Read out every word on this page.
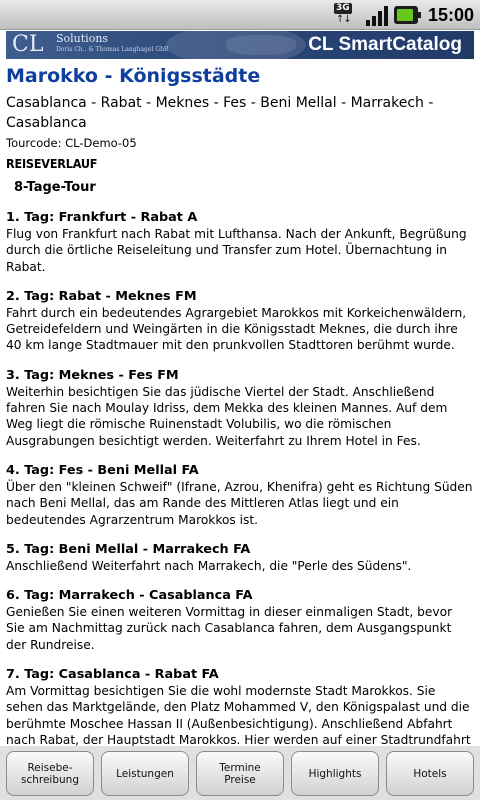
3G
↑↓	15:00
CL Solutions
Doris Ch.. & Thomas Langhagel GbR	CL SmartCatalog
Marokko - Königsstädte
Casablanca - Rabat - Meknes - Fes - Beni Mellal - Marrakech - Casablanca
Tourcode: CL-Demo-05
REISEVERLAUF
8-Tage-Tour
1. Tag: Frankfurt - Rabat A
Flug von Frankfurt nach Rabat mit Lufthansa. Nach der Ankunft, Begrüßung durch die örtliche Reiseleitung und Transfer zum Hotel. Übernachtung in Rabat.
2. Tag: Rabat - Meknes FM
Fahrt durch ein bedeutendes Agrargebiet Marokkos mit Korkeichenwäldern, Getreidefeldern und Weingärten in die Königsstadt Meknes, die durch ihre 40 km lange Stadtmauer mit den prunkvollen Stadttoren berühmt wurde.
3. Tag: Meknes - Fes FM
Weiterhin besichtigen Sie das jüdische Viertel der Stadt. Anschließend fahren Sie nach Moulay Idriss, dem Mekka des kleinen Mannes. Auf dem Weg liegt die römische Ruinenstadt Volubilis, wo die römischen Ausgrabungen besichtigt werden. Weiterfahrt zu Ihrem Hotel in Fes.
4. Tag: Fes - Beni Mellal FA
Über den "kleinen Schweif" (Ifrane, Azrou, Khenifra) geht es Richtung Süden nach Beni Mellal, das am Rande des Mittleren Atlas liegt und ein bedeutendes Agrarzentrum Marokkos ist.
5. Tag: Beni Mellal - Marrakech FA
Anschließend Weiterfahrt nach Marrakech, die "Perle des Südens".
6. Tag: Marrakech - Casablanca FA
Genießen Sie einen weiteren Vormittag in dieser einmaligen Stadt, bevor Sie am Nachmittag zurück nach Casablanca fahren, dem Ausgangspunkt der Rundreise.
7. Tag: Casablanca - Rabat FA
Am Vormittag besichtigen Sie die wohl modernste Stadt Marokkos. Sie sehen das Marktgelände, den Platz Mohammed V, den Königspalast und die berühmte Moschee Hassan II (Außenbesichtigung). Anschließend Abfahrt nach Rabat, der Hauptstadt Marokkos. Hier werden auf einer Stadtrundfahrt
Reisebe-
schreibung	Leistungen	Termine
Preise	Highlights	Hotels
